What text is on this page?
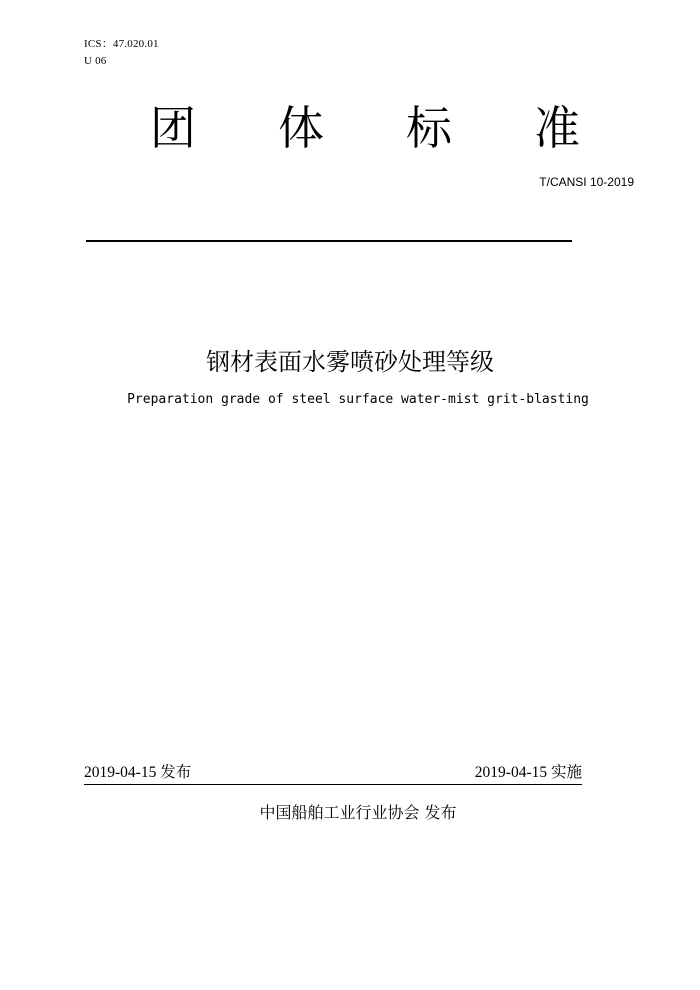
ICS：47.020.01
U 06
团 体 标 准
T/CANSI 10-2019
钢材表面水雾喷砂处理等级
Preparation grade of steel surface water-mist grit-blasting
2019-04-15 发布	2019-04-15 实施
中国船舶工业行业协会 发布
